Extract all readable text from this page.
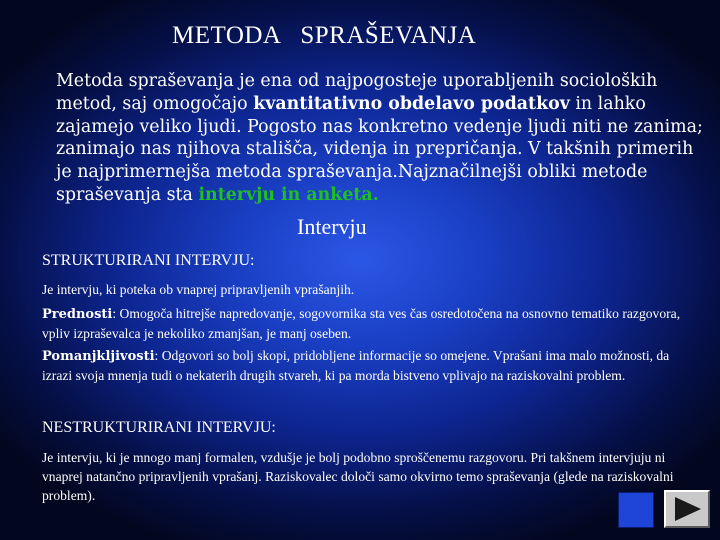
METODA   SPRAŠEVANJA

Metoda spraševanja je ena od najpogosteje uporabljenih socioloških metod, saj omogočajo kvantitativno obdelavo podatkov in lahko zajamejo veliko ljudi. Pogosto nas konkretno vedenje ljudi niti ne zanima; zanimajo nas njihova stališča, videnja in prepričanja. V takšnih primerih je najprimernejša metoda spraševanja.Najznačilnejši obliki metode spraševanja sta intervju in anketa.

Intervju
STRUKTURIRANI INTERVJU:

Je intervju, ki poteka ob vnaprej pripravljenih vprašanjih.

Prednosti: Omogoča hitrejše napredovanje, sogovornika sta ves čas osredotočena na osnovno tematiko razgovora, vpliv izpraševalca je nekoliko zmanjšan, je manj oseben.

Pomanjkljivosti: Odgovori so bolj skopi, pridobljene informacije so omejene. Vprašani ima malo možnosti, da izrazi svoja mnenja tudi o nekaterih drugih stvareh, ki pa morda bistveno vplivajo na raziskovalni problem.

NESTRUKTURIRANI INTERVJU:

Je intervju, ki je mnogo manj formalen, vzdušje je bolj podobno sproščenemu razgovoru. Pri takšnem intervjuju ni vnaprej natančno pripravljenih vprašanj. Raziskovalec določi samo okvirno temo spraševanja (glede na raziskovalni problem).
